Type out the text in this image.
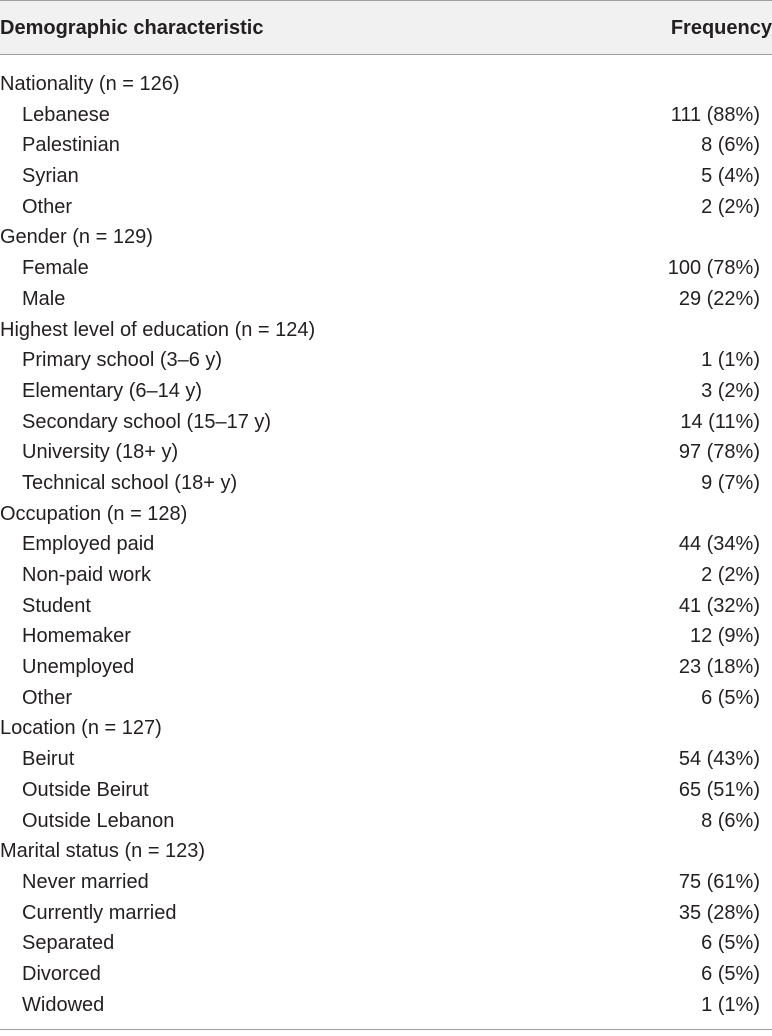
Demographic characteristic	Frequency
Nationality (n = 126)
Lebanese	111 (88%)
Palestinian	8 (6%)
Syrian	5 (4%)
Other	2 (2%)
Gender (n = 129)
Female	100 (78%)
Male	29 (22%)
Highest level of education (n = 124)
Primary school (3–6 y)	1 (1%)
Elementary (6–14 y)	3 (2%)
Secondary school (15–17 y)	14 (11%)
University (18+ y)	97 (78%)
Technical school (18+ y)	9 (7%)
Occupation (n = 128)
Employed paid	44 (34%)
Non-paid work	2 (2%)
Student	41 (32%)
Homemaker	12 (9%)
Unemployed	23 (18%)
Other	6 (5%)
Location (n = 127)
Beirut	54 (43%)
Outside Beirut	65 (51%)
Outside Lebanon	8 (6%)
Marital status (n = 123)
Never married	75 (61%)
Currently married	35 (28%)
Separated	6 (5%)
Divorced	6 (5%)
Widowed	1 (1%)
